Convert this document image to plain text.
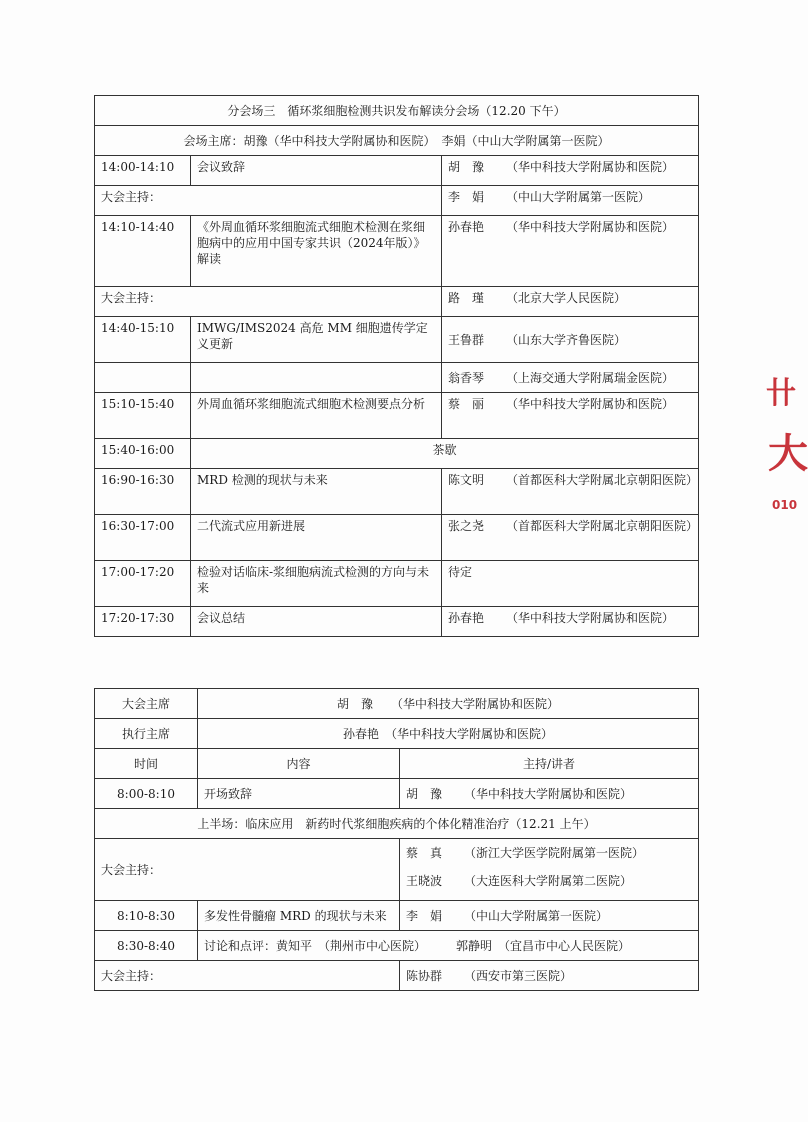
分会场三　循环浆细胞检测共识发布解读分会场（12.20 下午）		
会场主席：胡豫（华中科技大学附属协和医院）　李娟（中山大学附属第一医院）		
14:00-14:10	会议致辞	胡　豫 （华中科技大学附属协和医院）
大会主持：		李　娟 （中山大学附属第一医院）
14:10-14:40	《外周血循环浆细胞流式细胞术检测在浆细胞病中的应用中国专家共识（2024年版）》解读	孙春艳 （华中科技大学附属协和医院）
大会主持：		路　瑾 （北京大学人民医院）
14:40-15:10	IMWG/IMS2024 高危 MM 细胞遗传学定义更新	王鲁群 （山东大学齐鲁医院）
		翁香琴 （上海交通大学附属瑞金医院）
15:10-15:40	外周血循环浆细胞流式细胞术检测要点分析	蔡　丽 （华中科技大学附属协和医院）
15:40-16:00	茶歇	
16:90-16:30	MRD 检测的现状与未来	陈文明 （首都医科大学附属北京朝阳医院）

16:30-17:00	二代流式应用新进展	张之尧 （首都医科大学附属北京朝阳医院）

17:00-17:20	检验对话临床-浆细胞病流式检测的方向与未来	待定
17:20-17:30	会议总结	孙春艳 （华中科技大学附属协和医院）
大会主席	胡　豫　　（华中科技大学附属协和医院）	
执行主席	孙春艳　（华中科技大学附属协和医院）	
时间	内容	主持/讲者
8:00-8:10	开场致辞	胡　豫 （华中科技大学附属协和医院）
上半场：临床应用　新药时代浆细胞疾病的个体化精准治疗（12.21 上午）		
大会主持：		蔡　真 （浙江大学医学院附属第一医院）
王晓波 （大连医科大学附属第二医院）

8:10-8:30	多发性骨髓瘤 MRD 的现状与未来	李　娟 （中山大学附属第一医院）
8:30-8:40	讨论和点评：黄知平　（荆州市中心医院）　　　郭静明　（宜昌市中心人民医院）	
大会主持：		陈协群 （西安市第三医院）
卄
大
010
